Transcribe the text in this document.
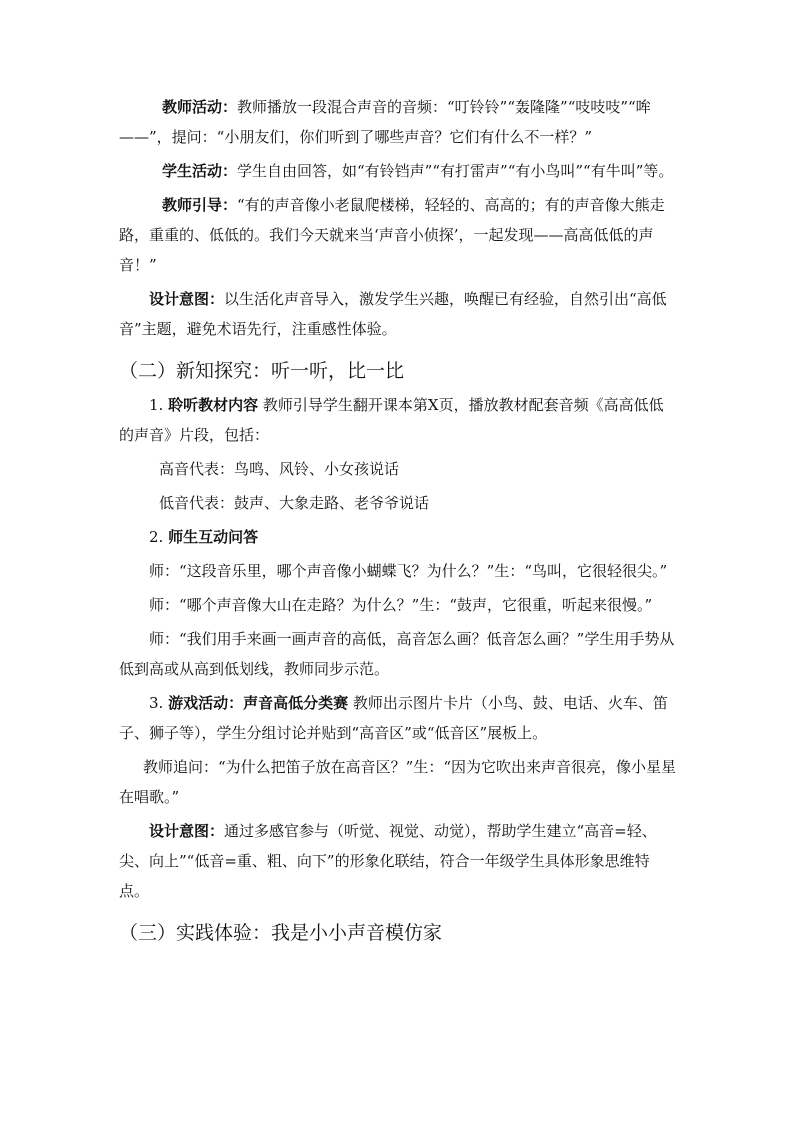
教师活动：教师播放一段混合声音的音频：“叮铃铃”“轰隆隆”“吱吱吱”“哞——”，提问：“小朋友们，你们听到了哪些声音？它们有什么不一样？”

学生活动：学生自由回答，如“有铃铛声”“有打雷声”“有小鸟叫”“有牛叫”等。

教师引导：“有的声音像小老鼠爬楼梯，轻轻的、高高的；有的声音像大熊走路，重重的、低低的。我们今天就来当‘声音小侦探’，一起发现——高高低低的声音！”

设计意图：以生活化声音导入，激发学生兴趣，唤醒已有经验，自然引出“高低音”主题，避免术语先行，注重感性体验。

（二）新知探究：听一听，比一比

1. 聆听教材内容 教师引导学生翻开课本第X页，播放教材配套音频《高高低低的声音》片段，包括：

高音代表：鸟鸣、风铃、小女孩说话

低音代表：鼓声、大象走路、老爷爷说话

2. 师生互动问答

师：“这段音乐里，哪个声音像小蝴蝶飞？为什么？”生：“鸟叫，它很轻很尖。”

师：“哪个声音像大山在走路？为什么？”生：“鼓声，它很重，听起来很慢。”

师：“我们用手来画一画声音的高低，高音怎么画？低音怎么画？”学生用手势从低到高或从高到低划线，教师同步示范。

3. 游戏活动：声音高低分类赛 教师出示图片卡片（小鸟、鼓、电话、火车、笛子、狮子等），学生分组讨论并贴到“高音区”或“低音区”展板上。

教师追问：“为什么把笛子放在高音区？”生：“因为它吹出来声音很亮，像小星星在唱歌。”

设计意图：通过多感官参与（听觉、视觉、动觉），帮助学生建立“高音=轻、尖、向上”“低音=重、粗、向下”的形象化联结，符合一年级学生具体形象思维特点。

（三）实践体验：我是小小声音模仿家
